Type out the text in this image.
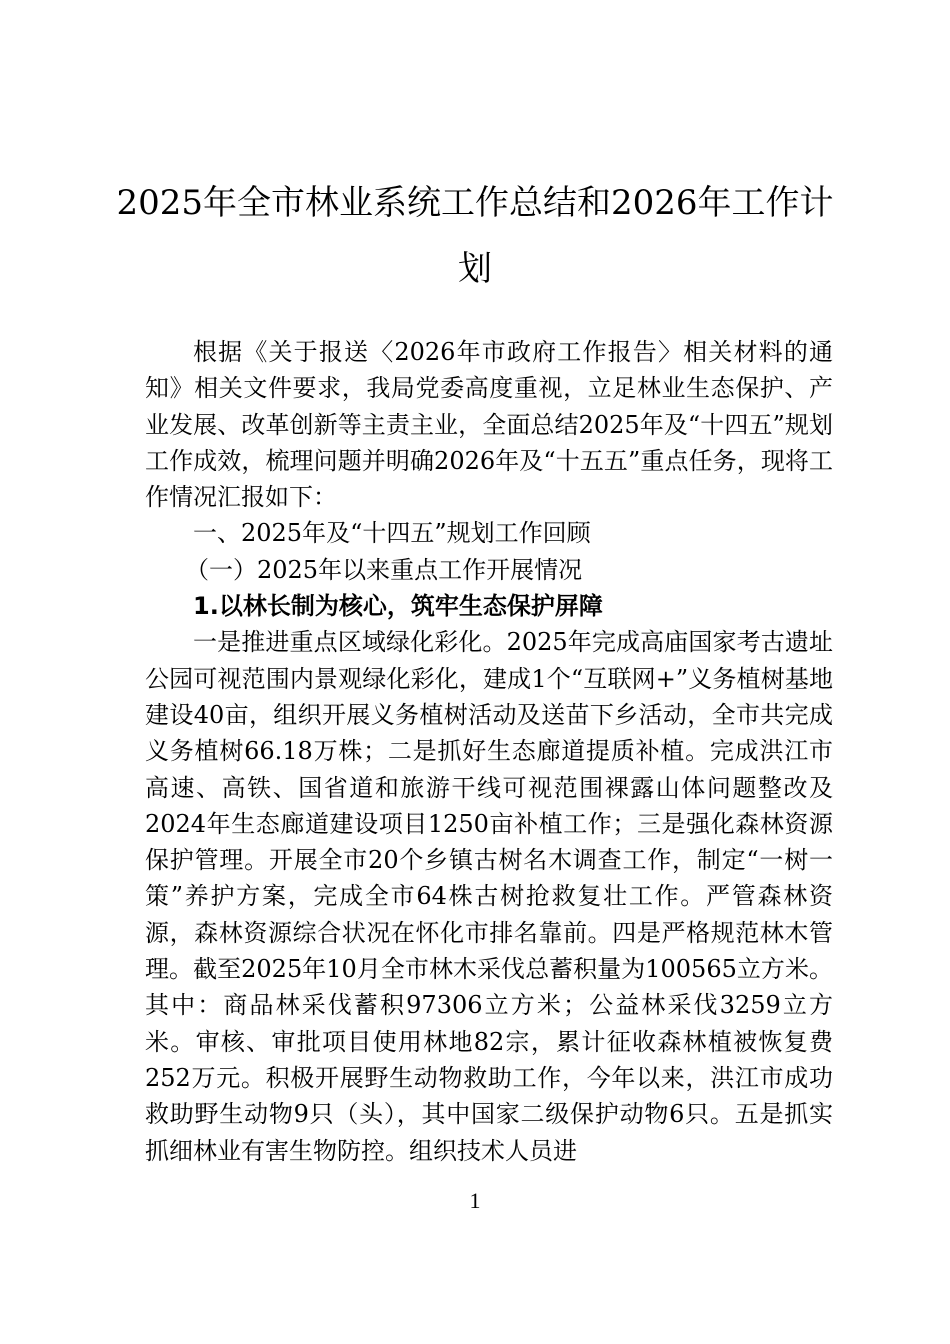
2025年全市林业系统工作总结和2026年工作计划

根据《关于报送〈2026年市政府工作报告〉相关材料的通知》相关文件要求，我局党委高度重视，立足林业生态保护、产业发展、改革创新等主责主业，全面总结2025年及“十四五”规划工作成效，梳理问题并明确2026年及“十五五”重点任务，现将工作情况汇报如下：

一、2025年及“十四五”规划工作回顾

（一）2025年以来重点工作开展情况

1.以林长制为核心，筑牢生态保护屏障

一是推进重点区域绿化彩化。2025年完成高庙国家考古遗址公园可视范围内景观绿化彩化，建成1个“互联网+”义务植树基地建设40亩，组织开展义务植树活动及送苗下乡活动，全市共完成义务植树66.18万株；二是抓好生态廊道提质补植。完成洪江市高速、高铁、国省道和旅游干线可视范围裸露山体问题整改及2024年生态廊道建设项目1250亩补植工作；三是强化森林资源保护管理。开展全市20个乡镇古树名木调查工作，制定“一树一策”养护方案，完成全市64株古树抢救复壮工作。严管森林资源，森林资源综合状况在怀化市排名靠前。四是严格规范林木管理。截至2025年10月全市林木采伐总蓄积量为100565立方米。其中：商品林采伐蓄积97306立方米；公益林采伐3259立方米。审核、审批项目使用林地82宗，累计征收森林植被恢复费252万元。积极开展野生动物救助工作，今年以来，洪江市成功救助野生动物9只（头），其中国家二级保护动物6只。五是抓实抓细林业有害生物防控。组织技术人员进

1
